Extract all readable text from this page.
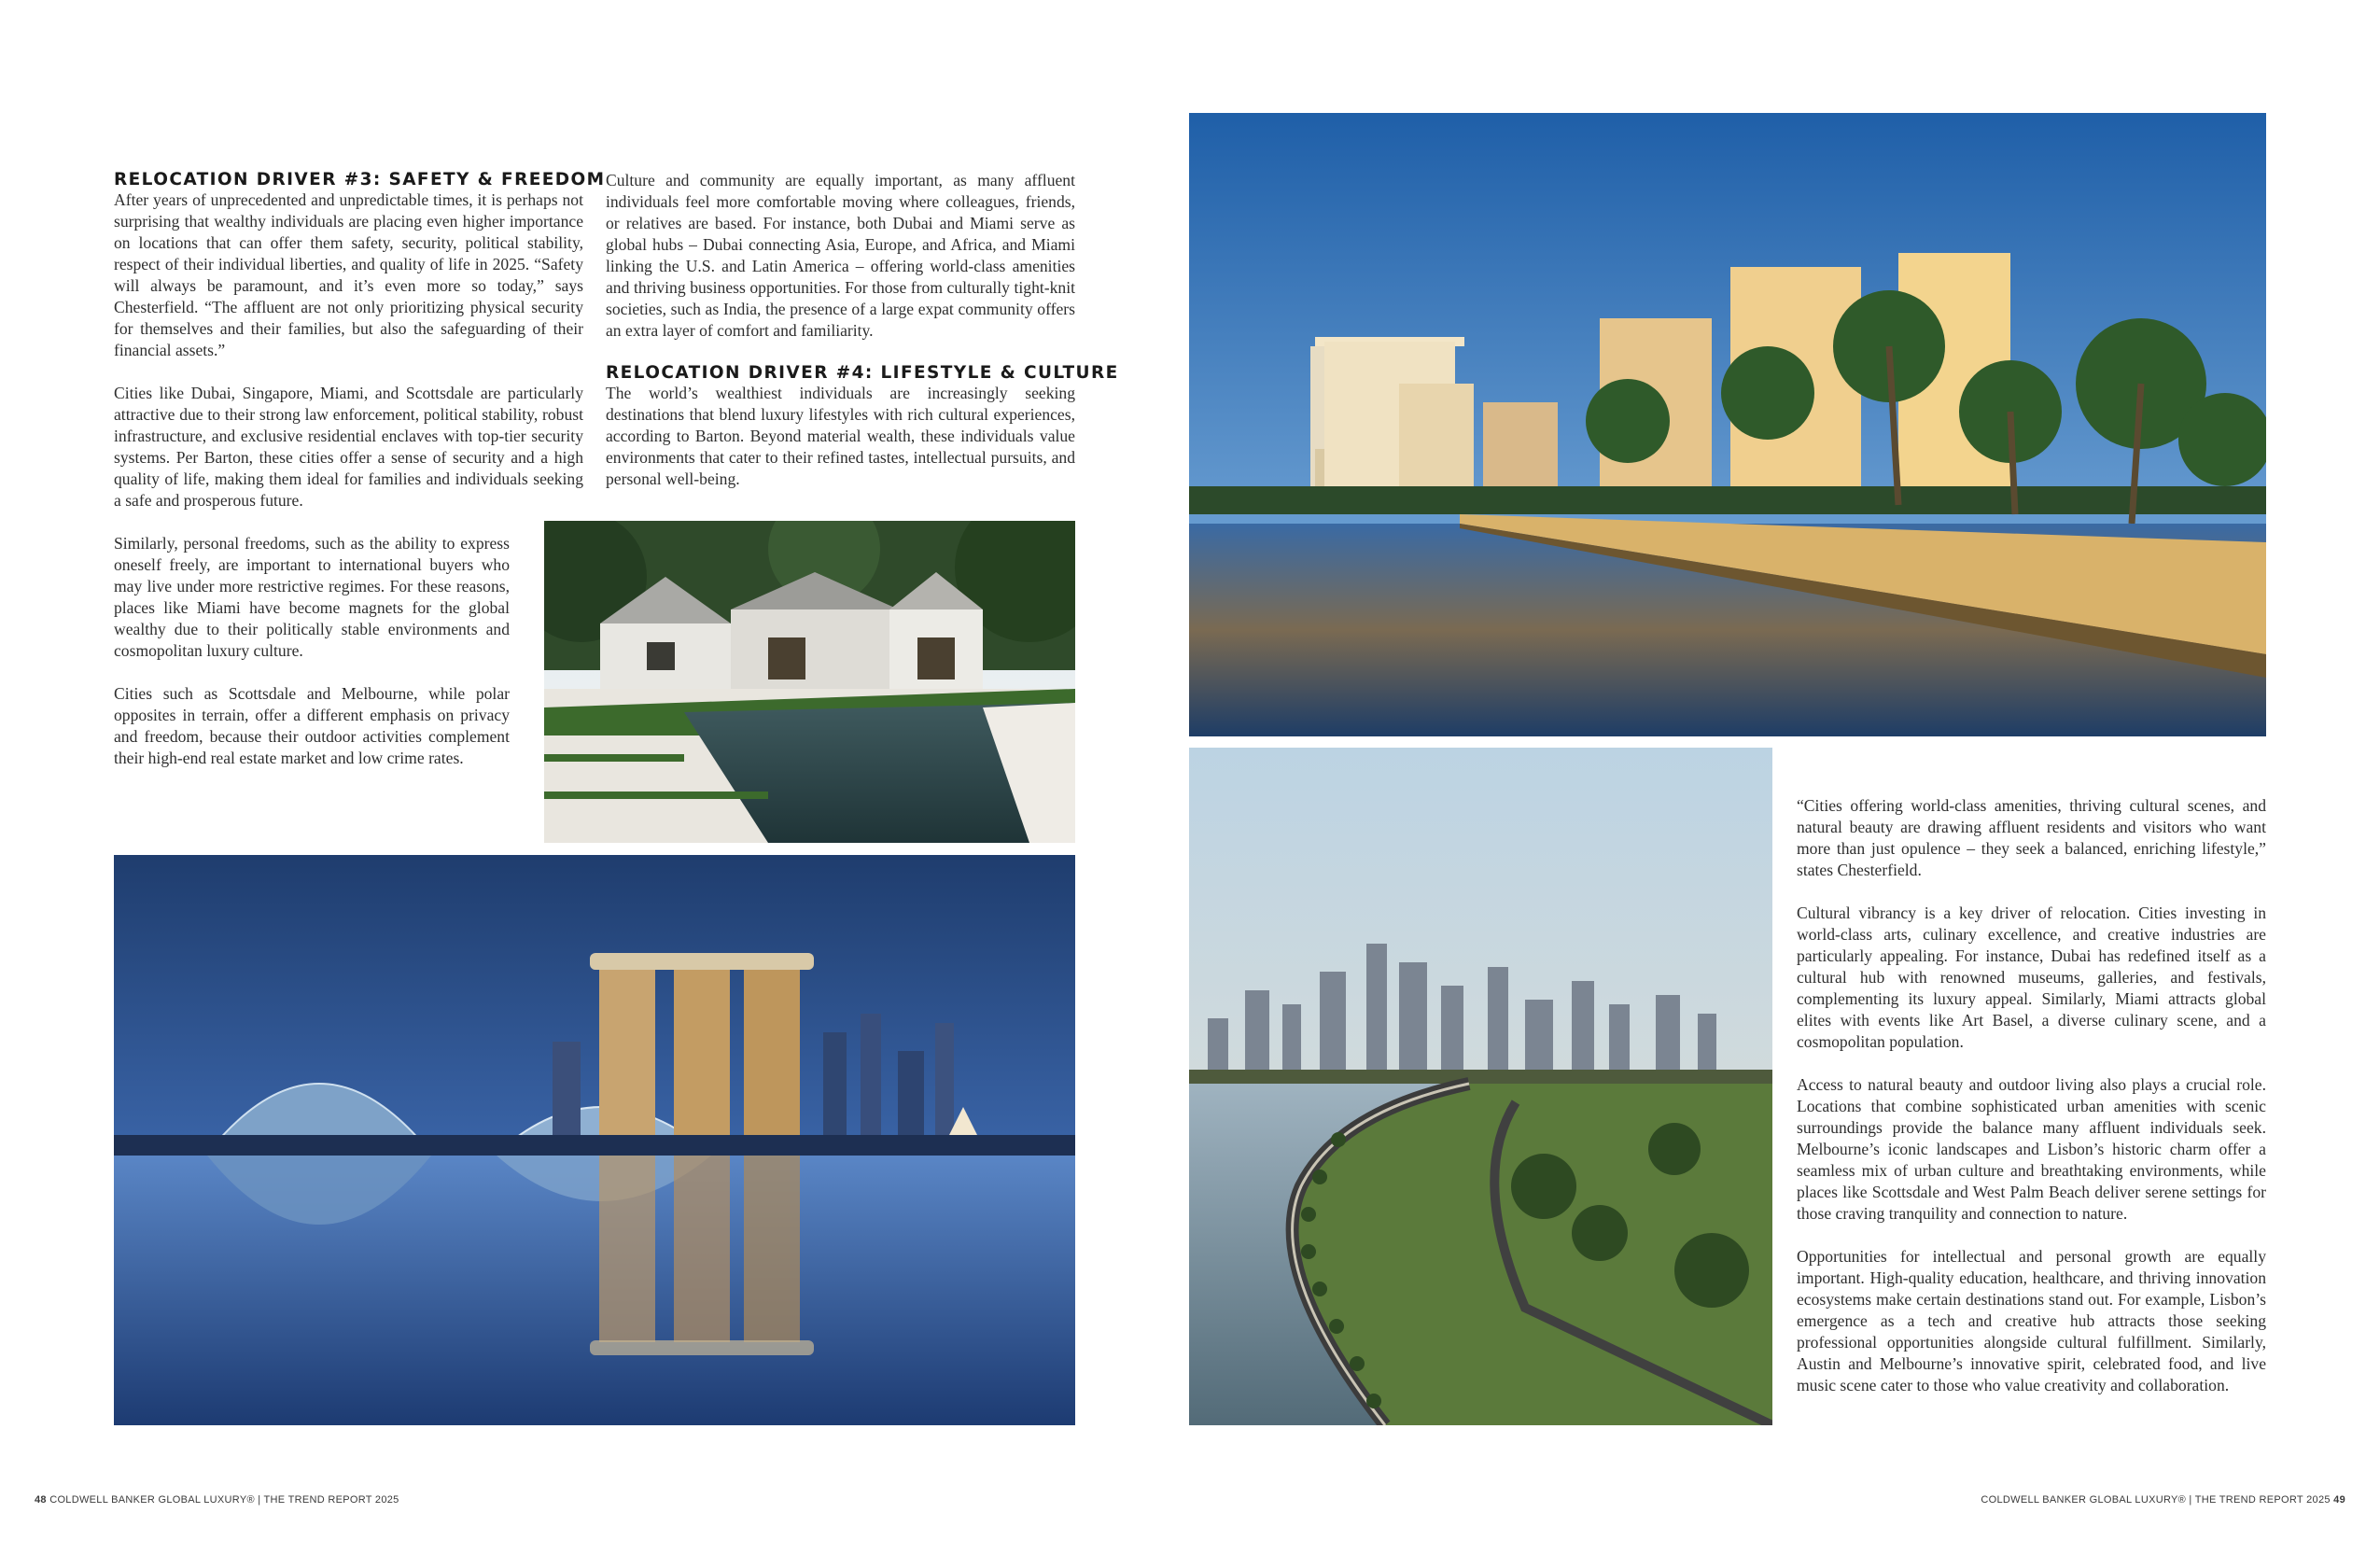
RELOCATION DRIVER #3: SAFETY & FREEDOM

After years of unprecedented and unpredictable times, it is perhaps not surprising that wealthy individuals are placing even higher importance on locations that can offer them safety, security, political stability, respect of their individual liberties, and quality of life in 2025. “Safety will always be paramount, and it’s even more so today,” says Chesterfield. “The affluent are not only prioritizing physical security for themselves and their families, but also the safeguarding of their financial assets.”

Cities like Dubai, Singapore, Miami, and Scottsdale are particularly attractive due to their strong law enforcement, political stability, robust infrastructure, and exclusive residential enclaves with top-tier security systems. Per Barton, these cities offer a sense of security and a high quality of life, making them ideal for families and individuals seeking a safe and prosperous future.

Similarly, personal freedoms, such as the ability to express oneself freely, are important to international buyers who may live under more restrictive regimes. For these reasons, places like Miami have become magnets for the global wealthy due to their politically stable environments and cosmopolitan luxury culture.

Cities such as Scottsdale and Melbourne, while polar opposites in terrain, offer a different emphasis on privacy and freedom, because their outdoor activities complement their high-end real estate market and low crime rates.

Culture and community are equally important, as many affluent individuals feel more comfortable moving where colleagues, friends, or relatives are based. For instance, both Dubai and Miami serve as global hubs – Dubai connecting Asia, Europe, and Africa, and Miami linking the U.S. and Latin America – offering world-class amenities and thriving business opportunities. For those from culturally tight-knit societies, such as India, the presence of a large expat community offers an extra layer of comfort and familiarity.

RELOCATION DRIVER #4: LIFESTYLE & CULTURE

The world’s wealthiest individuals are increasingly seeking destinations that blend luxury lifestyles with rich cultural experiences, according to Barton. Beyond material wealth, these individuals value environments that cater to their refined tastes, intellectual pursuits, and personal well-being.

48 COLDWELL BANKER GLOBAL LUXURY® | THE TREND REPORT 2025

“Cities offering world-class amenities, thriving cultural scenes, and natural beauty are drawing affluent residents and visitors who want more than just opulence – they seek a balanced, enriching lifestyle,” states Chesterfield.

Cultural vibrancy is a key driver of relocation. Cities investing in world-class arts, culinary excellence, and creative industries are particularly appealing. For instance, Dubai has redefined itself as a cultural hub with renowned museums, galleries, and festivals, complementing its luxury appeal. Similarly, Miami attracts global elites with events like Art Basel, a diverse culinary scene, and a cosmopolitan population.

Access to natural beauty and outdoor living also plays a crucial role. Locations that combine sophisticated urban amenities with scenic surroundings provide the balance many affluent individuals seek. Melbourne’s iconic landscapes and Lisbon’s historic charm offer a seamless mix of urban culture and breathtaking environments, while places like Scottsdale and West Palm Beach deliver serene settings for those craving tranquility and connection to nature.

Opportunities for intellectual and personal growth are equally important. High-quality education, healthcare, and thriving innovation ecosystems make certain destinations stand out. For example, Lisbon’s emergence as a tech and creative hub attracts those seeking professional opportunities alongside cultural fulfillment. Similarly, Austin and Melbourne’s innovative spirit, celebrated food, and live music scene cater to those who value creativity and collaboration.

COLDWELL BANKER GLOBAL LUXURY® | THE TREND REPORT 2025 49
